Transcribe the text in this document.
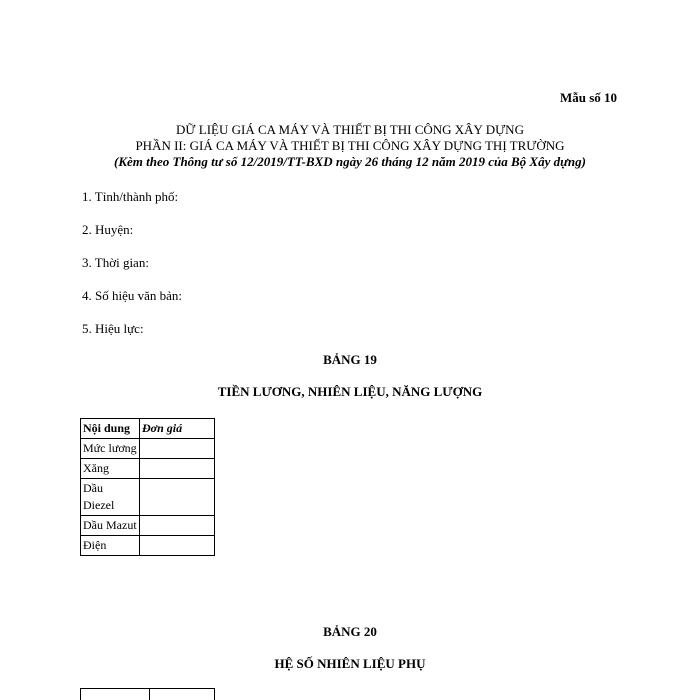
Mẫu số 10
DỮ LIỆU GIÁ CA MÁY VÀ THIẾT BỊ THI CÔNG XÂY DỰNG
PHẦN II: GIÁ CA MÁY VÀ THIẾT BỊ THI CÔNG XÂY DỰNG THỊ TRƯỜNG
(Kèm theo Thông tư số 12/2019/TT-BXD ngày 26 tháng 12 năm 2019 của Bộ Xây dựng)
1. Tỉnh/thành phố:
2. Huyện:
3. Thời gian:
4. Số hiệu văn bản:
5. Hiệu lực:
BẢNG 19
TIỀN LƯƠNG, NHIÊN LIỆU, NĂNG LƯỢNG
Nội dung	Đơn giá
Mức lương	
Xăng	
Dầu Diezel	
Dầu Mazut	
Điện	
BẢNG 20
HỆ SỐ NHIÊN LIỆU PHỤ
